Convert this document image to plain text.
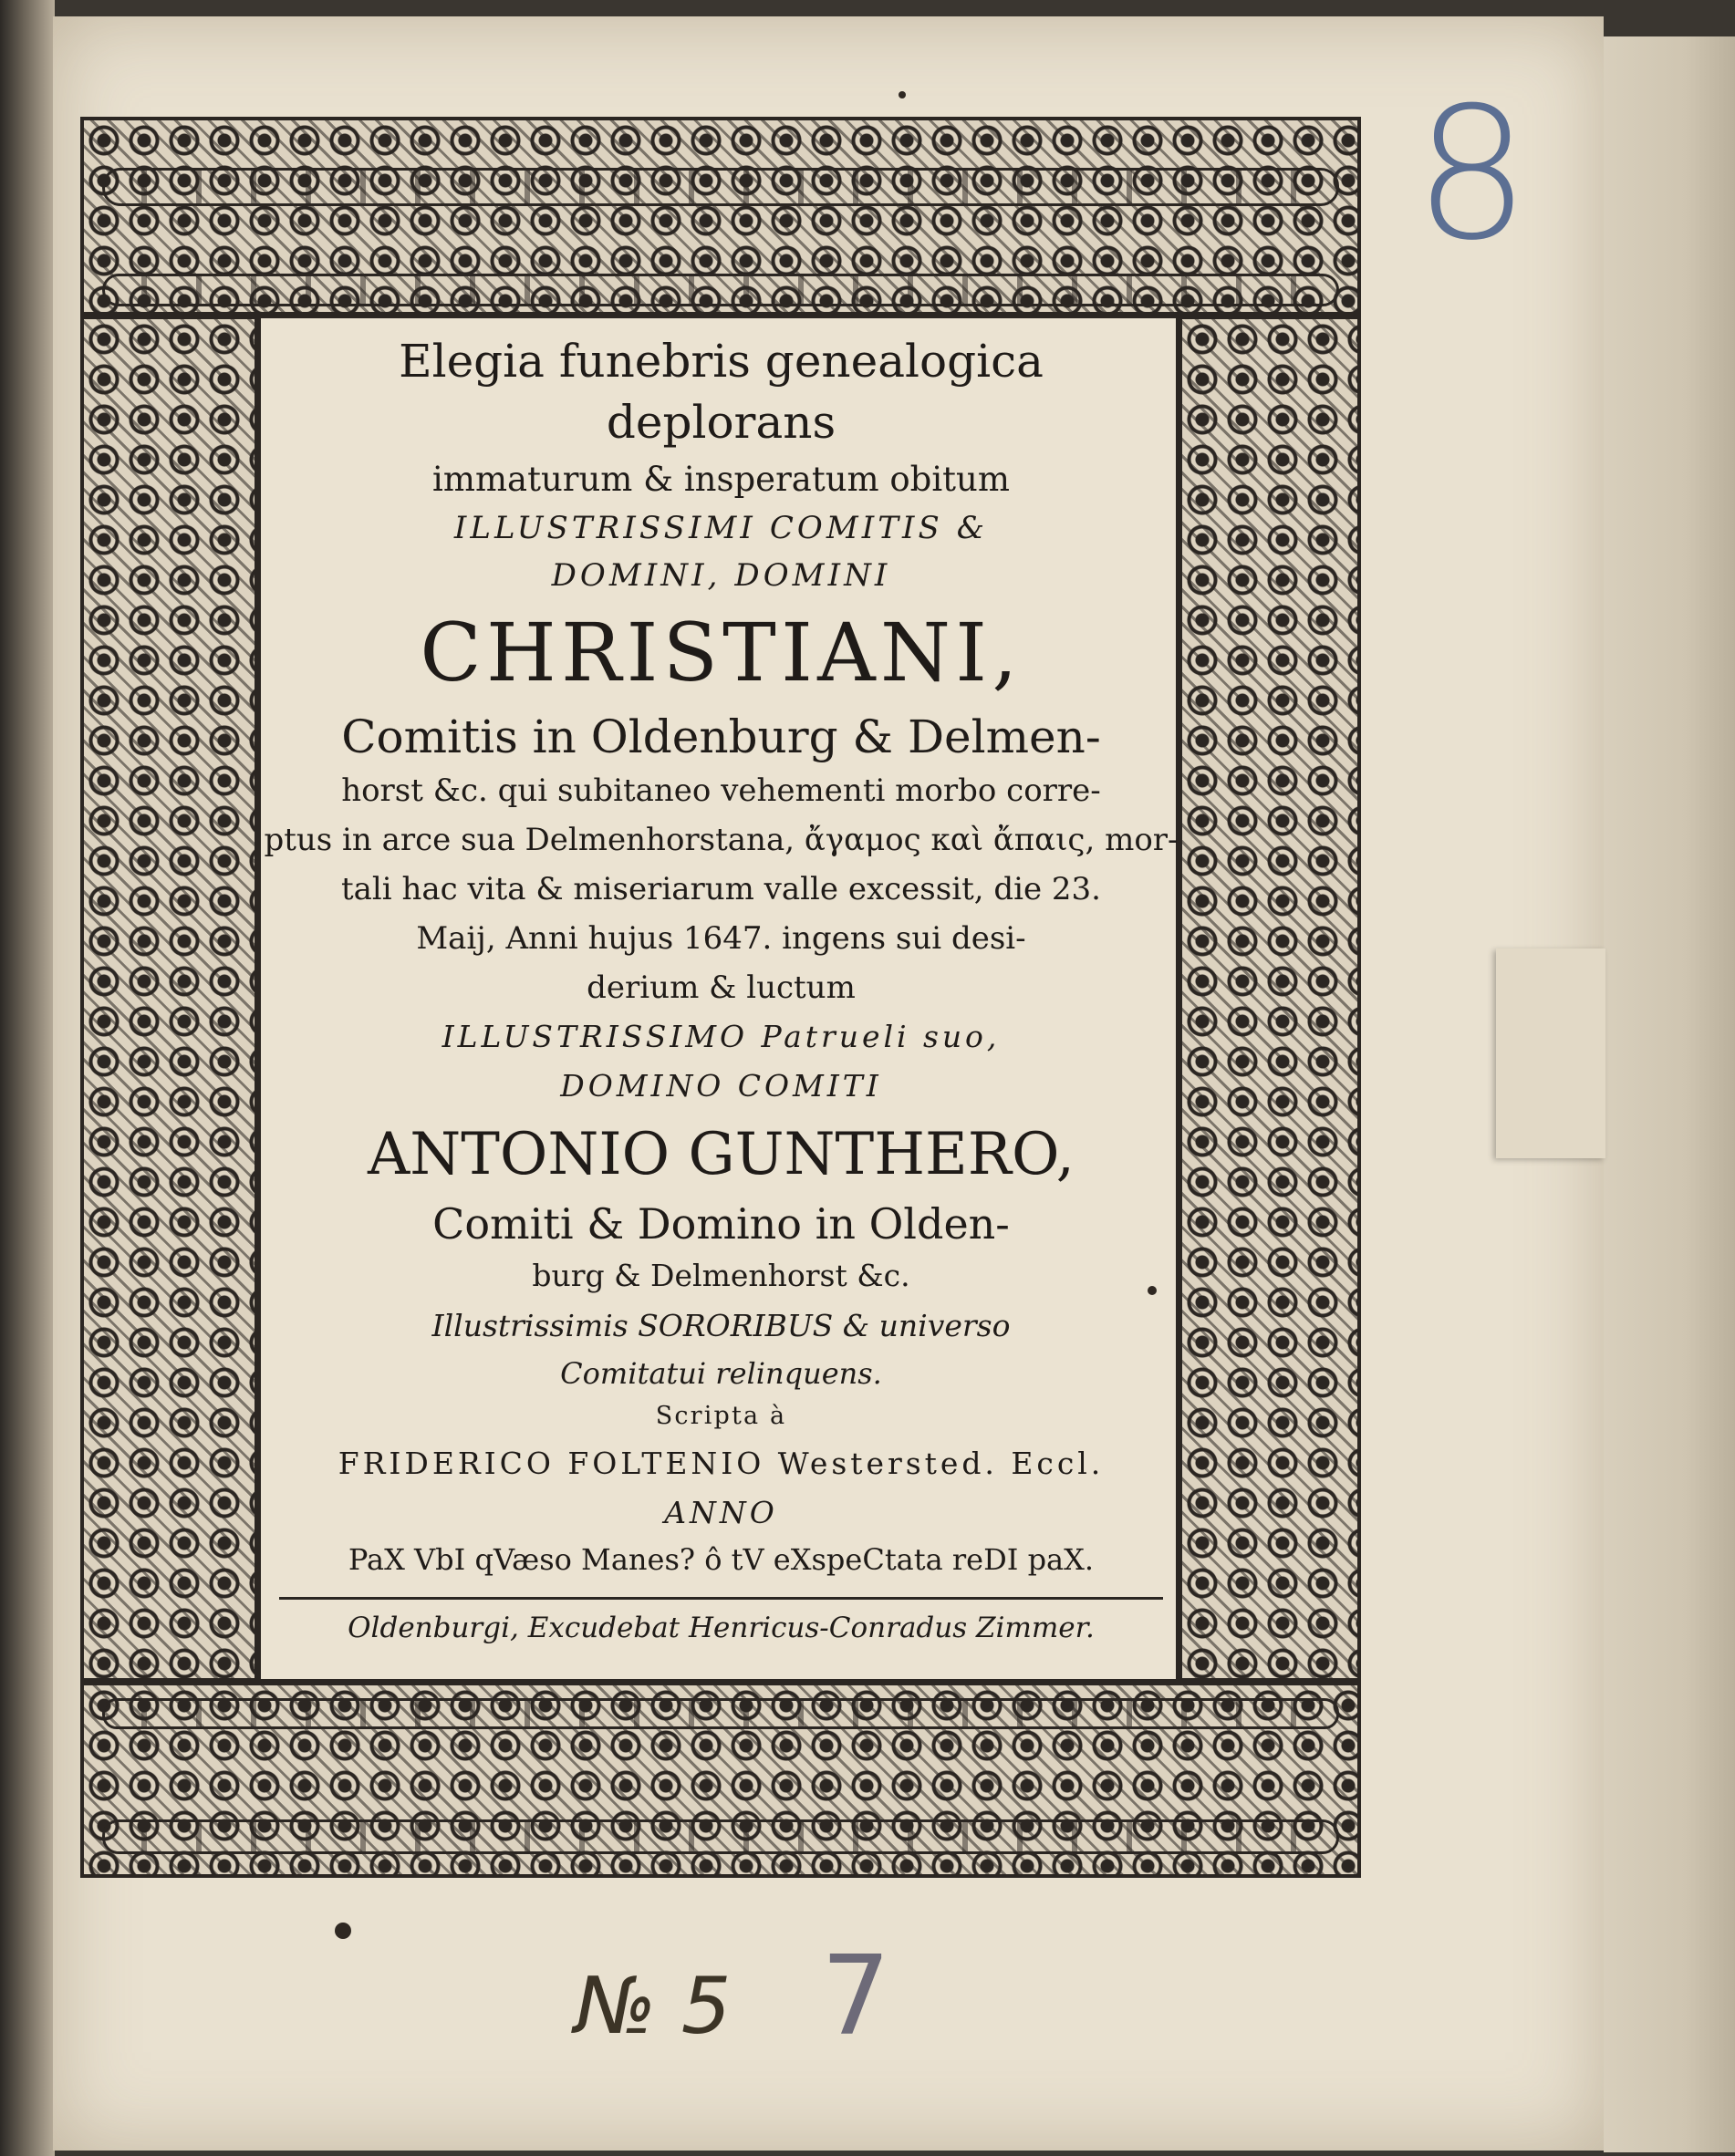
Elegia funebris genealogica
deplorans
immaturum & insperatum obitum
ILLUSTRISSIMI COMITIS &
DOMINI, DOMINI
CHRISTIANI,
Comitis in Oldenburg & Delmen-
horst &c. qui subitaneo vehementi morbo corre-
ptus in arce sua Delmenhorstana, ἄγαμος καὶ ἄπαις, mor-
tali hac vita & miseriarum valle excessit, die 23.
Maij, Anni hujus 1647. ingens sui desi-
derium & luctum
ILLUSTRISSIMO Patrueli suo,
DOMINO COMITI
ANTONIO GUNTHERO,
Comiti & Domino in Olden-
burg & Delmenhorst &c.
Illustrissimis SORORIBUS & universo
Comitatui relinquens.
Scripta à
FRIDERICO FOLTENIO Westersted. Eccl.
ANNO
PaX VbI qVæso Manes? ô tV eXspeCtata reDI paX.
Oldenburgi, Excudebat Henricus-Conradus Zimmer.
8
№ 5 7
